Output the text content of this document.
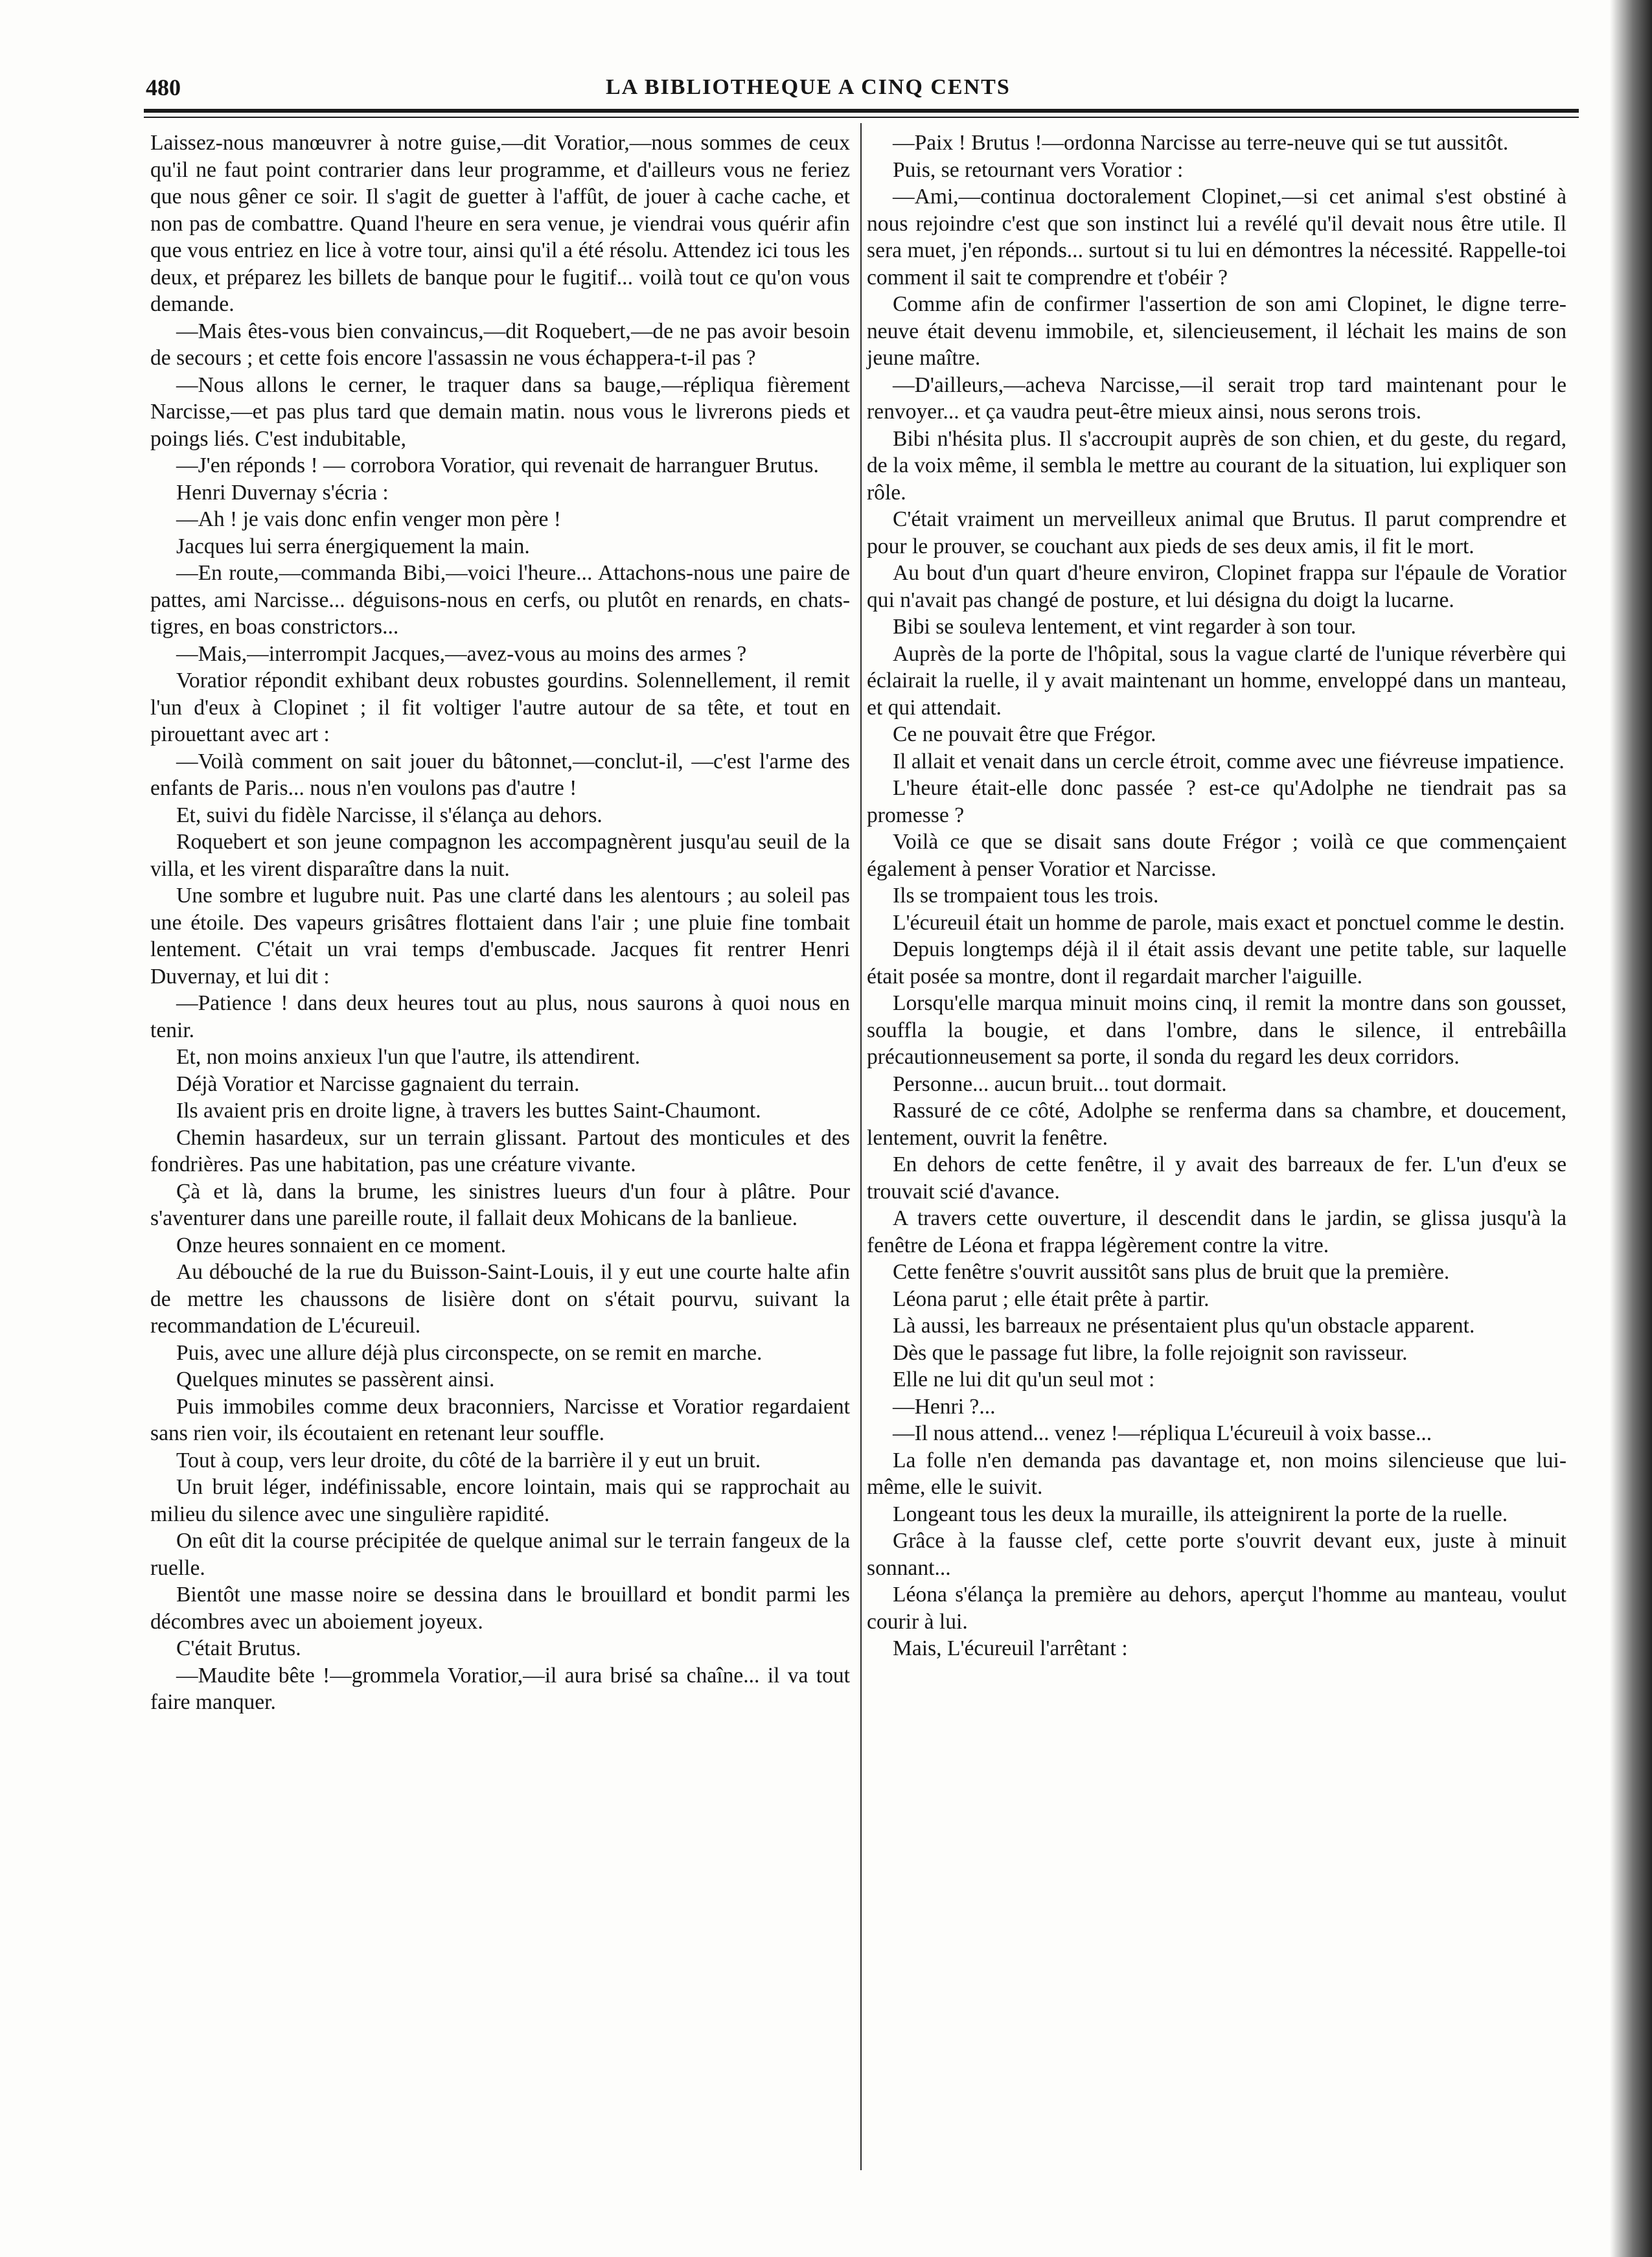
480	LA BIBLIOTHEQUE A CINQ CENTS

Laissez-nous manœuvrer à notre guise,—dit Voratior,—nous sommes de ceux qu'il ne faut point contrarier dans leur programme, et d'ailleurs vous ne feriez que nous gêner ce soir. Il s'agit de guetter à l'affût, de jouer à cache cache, et non pas de combattre. Quand l'heure en sera venue, je viendrai vous quérir afin que vous entriez en lice à votre tour, ainsi qu'il a été résolu. Attendez ici tous les deux, et préparez les billets de banque pour le fugitif... voilà tout ce qu'on vous demande.

—Mais êtes-vous bien convaincus,—dit Roquebert,—de ne pas avoir besoin de secours ; et cette fois encore l'assassin ne vous échappera-t-il pas ?

—Nous allons le cerner, le traquer dans sa bauge,—répliqua fièrement Narcisse,—et pas plus tard que demain matin. nous vous le livrerons pieds et poings liés. C'est indubitable,

—J'en réponds ! — corrobora Voratior, qui revenait de harranguer Brutus.

Henri Duvernay s'écria :

—Ah ! je vais donc enfin venger mon père !

Jacques lui serra énergiquement la main.

—En route,—commanda Bibi,—voici l'heure... Attachons-nous une paire de pattes, ami Narcisse... déguisons-nous en cerfs, ou plutôt en renards, en chats-tigres, en boas constrictors...

—Mais,—interrompit Jacques,—avez-vous au moins des armes ?

Voratior répondit exhibant deux robustes gourdins. Solennellement, il remit l'un d'eux à Clopinet ; il fit voltiger l'autre autour de sa tête, et tout en pirouettant avec art :

—Voilà comment on sait jouer du bâtonnet,—conclut-il, —c'est l'arme des enfants de Paris... nous n'en voulons pas d'autre !

Et, suivi du fidèle Narcisse, il s'élança au dehors.

Roquebert et son jeune compagnon les accompagnèrent jusqu'au seuil de la villa, et les virent disparaître dans la nuit.

Une sombre et lugubre nuit. Pas une clarté dans les alentours ; au soleil pas une étoile. Des vapeurs grisâtres flottaient dans l'air ; une pluie fine tombait lentement. C'était un vrai temps d'embuscade. Jacques fit rentrer Henri Duvernay, et lui dit :

—Patience ! dans deux heures tout au plus, nous saurons à quoi nous en tenir.

Et, non moins anxieux l'un que l'autre, ils attendirent.

Déjà Voratior et Narcisse gagnaient du terrain.

Ils avaient pris en droite ligne, à travers les buttes Saint-Chaumont.

Chemin hasardeux, sur un terrain glissant. Partout des monticules et des fondrières. Pas une habitation, pas une créature vivante.

Çà et là, dans la brume, les sinistres lueurs d'un four à plâtre. Pour s'aventurer dans une pareille route, il fallait deux Mohicans de la banlieue.

Onze heures sonnaient en ce moment.

Au débouché de la rue du Buisson-Saint-Louis, il y eut une courte halte afin de mettre les chaussons de lisière dont on s'était pourvu, suivant la recommandation de L'écureuil.

Puis, avec une allure déjà plus circonspecte, on se remit en marche.

Quelques minutes se passèrent ainsi.

Puis immobiles comme deux braconniers, Narcisse et Voratior regardaient sans rien voir, ils écoutaient en retenant leur souffle.

Tout à coup, vers leur droite, du côté de la barrière il y eut un bruit.

Un bruit léger, indéfinissable, encore lointain, mais qui se rapprochait au milieu du silence avec une singulière rapidité.

On eût dit la course précipitée de quelque animal sur le terrain fangeux de la ruelle.

Bientôt une masse noire se dessina dans le brouillard et bondit parmi les décombres avec un aboiement joyeux.

C'était Brutus.

—Maudite bête !—grommela Voratior,—il aura brisé sa chaîne... il va tout faire manquer.

—Paix ! Brutus !—ordonna Narcisse au terre-neuve qui se tut aussitôt.

Puis, se retournant vers Voratior :

—Ami,—continua doctoralement Clopinet,—si cet animal s'est obstiné à nous rejoindre c'est que son instinct lui a revélé qu'il devait nous être utile. Il sera muet, j'en réponds... surtout si tu lui en démontres la nécessité. Rappelle-toi comment il sait te comprendre et t'obéir ?

Comme afin de confirmer l'assertion de son ami Clopinet, le digne terre-neuve était devenu immobile, et, silencieusement, il léchait les mains de son jeune maître.

—D'ailleurs,—acheva Narcisse,—il serait trop tard maintenant pour le renvoyer... et ça vaudra peut-être mieux ainsi, nous serons trois.

Bibi n'hésita plus. Il s'accroupit auprès de son chien, et du geste, du regard, de la voix même, il sembla le mettre au courant de la situation, lui expliquer son rôle.

C'était vraiment un merveilleux animal que Brutus. Il parut comprendre et pour le prouver, se couchant aux pieds de ses deux amis, il fit le mort.

Au bout d'un quart d'heure environ, Clopinet frappa sur l'épaule de Voratior qui n'avait pas changé de posture, et lui désigna du doigt la lucarne.

Bibi se souleva lentement, et vint regarder à son tour.

Auprès de la porte de l'hôpital, sous la vague clarté de l'unique réverbère qui éclairait la ruelle, il y avait maintenant un homme, enveloppé dans un manteau, et qui attendait.

Ce ne pouvait être que Frégor.

Il allait et venait dans un cercle étroit, comme avec une fiévreuse impatience.

L'heure était-elle donc passée ? est-ce qu'Adolphe ne tiendrait pas sa promesse ?

Voilà ce que se disait sans doute Frégor ; voilà ce que commençaient également à penser Voratior et Narcisse.

Ils se trompaient tous les trois.

L'écureuil était un homme de parole, mais exact et ponctuel comme le destin.

Depuis longtemps déjà il il était assis devant une petite table, sur laquelle était posée sa montre, dont il regardait marcher l'aiguille.

Lorsqu'elle marqua minuit moins cinq, il remit la montre dans son gousset, souffla la bougie, et dans l'ombre, dans le silence, il entrebâilla précautionneusement sa porte, il sonda du regard les deux corridors.

Personne... aucun bruit... tout dormait.

Rassuré de ce côté, Adolphe se renferma dans sa chambre, et doucement, lentement, ouvrit la fenêtre.

En dehors de cette fenêtre, il y avait des barreaux de fer. L'un d'eux se trouvait scié d'avance.

A travers cette ouverture, il descendit dans le jardin, se glissa jusqu'à la fenêtre de Léona et frappa légèrement contre la vitre.

Cette fenêtre s'ouvrit aussitôt sans plus de bruit que la première.

Léona parut ; elle était prête à partir.

Là aussi, les barreaux ne présentaient plus qu'un obstacle apparent.

Dès que le passage fut libre, la folle rejoignit son ravisseur.

Elle ne lui dit qu'un seul mot :

—Henri ?...

—Il nous attend... venez !—répliqua L'écureuil à voix basse...

La folle n'en demanda pas davantage et, non moins silencieuse que lui-même, elle le suivit.

Longeant tous les deux la muraille, ils atteignirent la porte de la ruelle.

Grâce à la fausse clef, cette porte s'ouvrit devant eux, juste à minuit sonnant...

Léona s'élança la première au dehors, aperçut l'homme au manteau, voulut courir à lui.

Mais, L'écureuil l'arrêtant :
